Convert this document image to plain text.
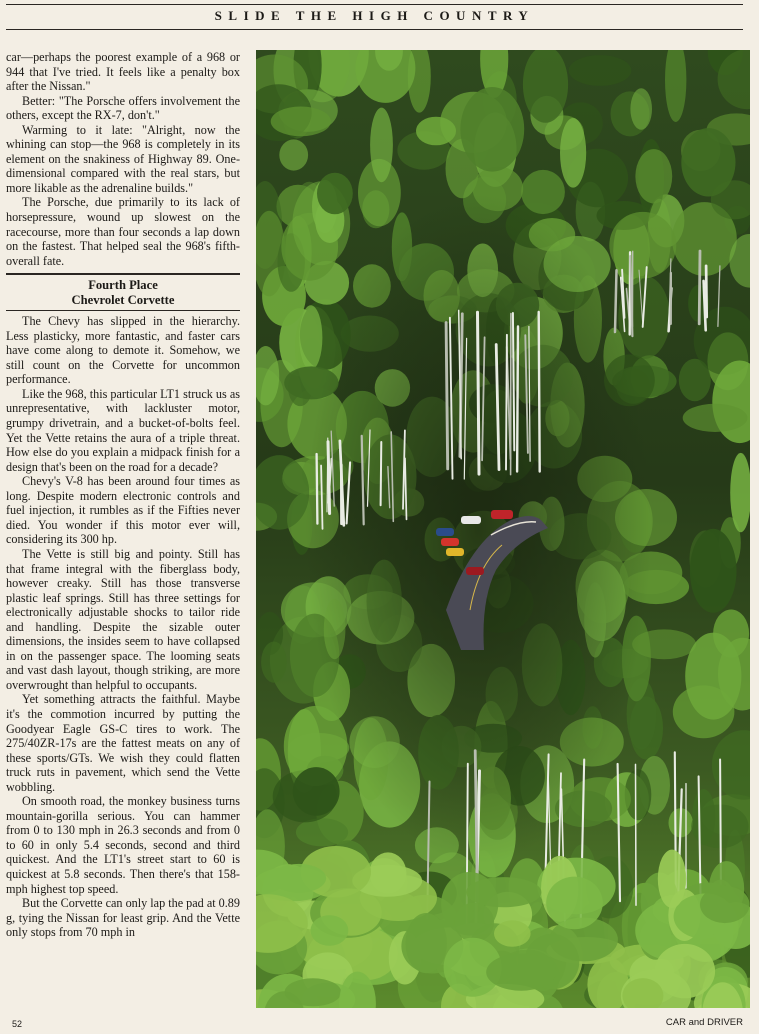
SLIDE THE HIGH COUNTRY

car—perhaps the poorest example of a 968 or 944 that I've tried. It feels like a penalty box after the Nissan."

Better: "The Porsche offers involvement the others, except the RX-7, don't."

Warming to it late: "Alright, now the whining can stop—the 968 is completely in its element on the snakiness of Highway 89. One-dimensional compared with the real stars, but more likable as the adrenaline builds."

The Porsche, due primarily to its lack of horsepressure, wound up slowest on the racecourse, more than four seconds a lap down on the fastest. That helped seal the 968's fifth-overall fate.

Fourth Place
Chevrolet Corvette

The Chevy has slipped in the hierarchy. Less plasticky, more fantastic, and faster cars have come along to demote it. Somehow, we still count on the Corvette for uncommon performance.

Like the 968, this particular LT1 struck us as unrepresentative, with lackluster motor, grumpy drivetrain, and a bucket-of-bolts feel. Yet the Vette retains the aura of a triple threat. How else do you explain a midpack finish for a design that's been on the road for a decade?

Chevy's V-8 has been around four times as long. Despite modern electronic controls and fuel injection, it rumbles as if the Fifties never died. You wonder if this motor ever will, considering its 300 hp.

The Vette is still big and pointy. Still has that frame integral with the fiberglass body, however creaky. Still has those transverse plastic leaf springs. Still has three settings for electronically adjustable shocks to tailor ride and handling. Despite the sizable outer dimensions, the insides seem to have collapsed in on the passenger space. The looming seats and vast dash layout, though striking, are more overwrought than helpful to occupants.

Yet something attracts the faithful. Maybe it's the commotion incurred by putting the Goodyear Eagle GS-C tires to work. The 275/40ZR-17s are the fattest meats on any of these sports/GTs. We wish they could flatten truck ruts in pavement, which send the Vette wobbling.

On smooth road, the monkey business turns mountain-gorilla serious. You can hammer from 0 to 130 mph in 26.3 seconds and from 0 to 60 in only 5.4 seconds, second and third quickest. And the LT1's street start to 60 is quickest at 5.8 seconds. Then there's that 158-mph highest top speed.

But the Corvette can only lap the pad at 0.89 g, tying the Nissan for least grip. And the Vette only stops from 70 mph in

52	CAR and DRIVER
